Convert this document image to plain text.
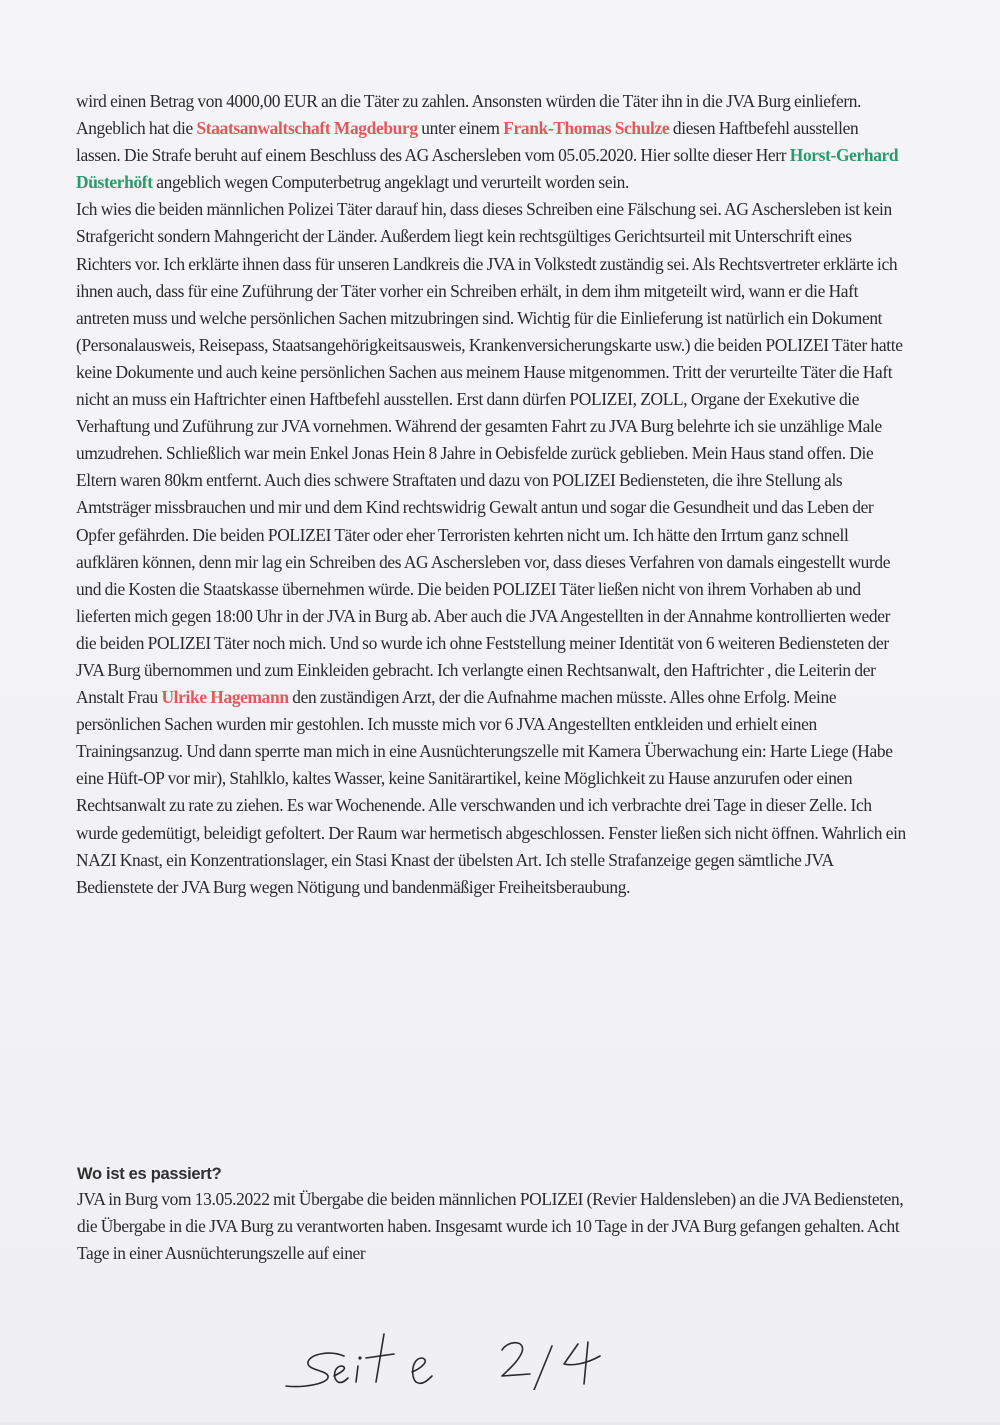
wird einen Betrag von 4000,00 EUR an die Täter zu zahlen. Ansonsten würden die Täter ihn in die JVA Burg einliefern.

Angeblich hat die Staatsanwaltschaft Magdeburg unter einem Frank-Thomas Schulze diesen Haftbefehl ausstellen lassen. Die Strafe beruht auf einem Beschluss des AG Aschersleben vom 05.05.2020. Hier sollte dieser Herr Horst-Gerhard Düsterhöft angeblich wegen Computerbetrug angeklagt und verurteilt worden sein.

Ich wies die beiden männlichen Polizei Täter darauf hin, dass dieses Schreiben eine Fälschung sei. AG Aschersleben ist kein Strafgericht sondern Mahngericht der Länder. Außerdem liegt kein rechtsgültiges Gerichtsurteil mit Unterschrift eines Richters vor. Ich erklärte ihnen dass für unseren Landkreis die JVA in Volkstedt zuständig sei. Als Rechtsvertreter erklärte ich ihnen auch, dass für eine Zuführung der Täter vorher ein Schreiben erhält, in dem ihm mitgeteilt wird, wann er die Haft antreten muss und welche persönlichen Sachen mitzubringen sind. Wichtig für die Einlieferung ist natürlich ein Dokument (Personalausweis, Reisepass, Staatsangehörigkeitsausweis, Krankenversicherungskarte usw.) die beiden POLIZEI Täter hatte keine Dokumente und auch keine persönlichen Sachen aus meinem Hause mitgenommen. Tritt der verurteilte Täter die Haft nicht an muss ein Haftrichter einen Haftbefehl ausstellen. Erst dann dürfen POLIZEI, ZOLL, Organe der Exekutive die Verhaftung und Zuführung zur JVA vornehmen. Während der gesamten Fahrt zu JVA Burg belehrte ich sie unzählige Male umzudrehen. Schließlich war mein Enkel Jonas Hein 8 Jahre in Oebisfelde zurück geblieben. Mein Haus stand offen. Die Eltern waren 80km entfernt. Auch dies schwere Straftaten und dazu von POLIZEI Bediensteten, die ihre Stellung als Amtsträger missbrauchen und mir und dem Kind rechtswidrig Gewalt antun und sogar die Gesundheit und das Leben der Opfer gefährden. Die beiden POLIZEI Täter oder eher Terroristen kehrten nicht um. Ich hätte den Irrtum ganz schnell aufklären können, denn mir lag ein Schreiben des AG Aschersleben vor, dass dieses Verfahren von damals eingestellt wurde und die Kosten die Staatskasse übernehmen würde. Die beiden POLIZEI Täter ließen nicht von ihrem Vorhaben ab und lieferten mich gegen 18:00 Uhr in der JVA in Burg ab. Aber auch die JVA Angestellten in der Annahme kontrollierten weder die beiden POLIZEI Täter noch mich. Und so wurde ich ohne Feststellung meiner Identität von 6 weiteren Bediensteten der JVA Burg übernommen und zum Einkleiden gebracht. Ich verlangte einen Rechtsanwalt, den Haftrichter , die Leiterin der Anstalt Frau Ulrike Hagemann den zuständigen Arzt, der die Aufnahme machen müsste. Alles ohne Erfolg. Meine persönlichen Sachen wurden mir gestohlen. Ich musste mich vor 6 JVA Angestellten entkleiden und erhielt einen Trainingsanzug. Und dann sperrte man mich in eine Ausnüchterungszelle mit Kamera Überwachung ein: Harte Liege (Habe eine Hüft-OP vor mir), Stahlklo, kaltes Wasser, keine Sanitärartikel, keine Möglichkeit zu Hause anzurufen oder einen Rechtsanwalt zu rate zu ziehen. Es war Wochenende. Alle verschwanden und ich verbrachte drei Tage in dieser Zelle. Ich wurde gedemütigt, beleidigt gefoltert. Der Raum war hermetisch abgeschlossen. Fenster ließen sich nicht öffnen. Wahrlich ein NAZI Knast, ein Konzentrationslager, ein Stasi Knast der übelsten Art. Ich stelle Strafanzeige gegen sämtliche JVA Bedienstete der JVA Burg wegen Nötigung und bandenmäßiger Freiheitsberaubung.

Wo ist es passiert?

JVA in Burg vom 13.05.2022 mit Übergabe die beiden männlichen POLIZEI (Revier Haldensleben) an die JVA Bediensteten, die Übergabe in die JVA Burg zu verantworten haben. Insgesamt wurde ich 10 Tage in der JVA Burg gefangen gehalten. Acht Tage in einer Ausnüchterungszelle auf einer
